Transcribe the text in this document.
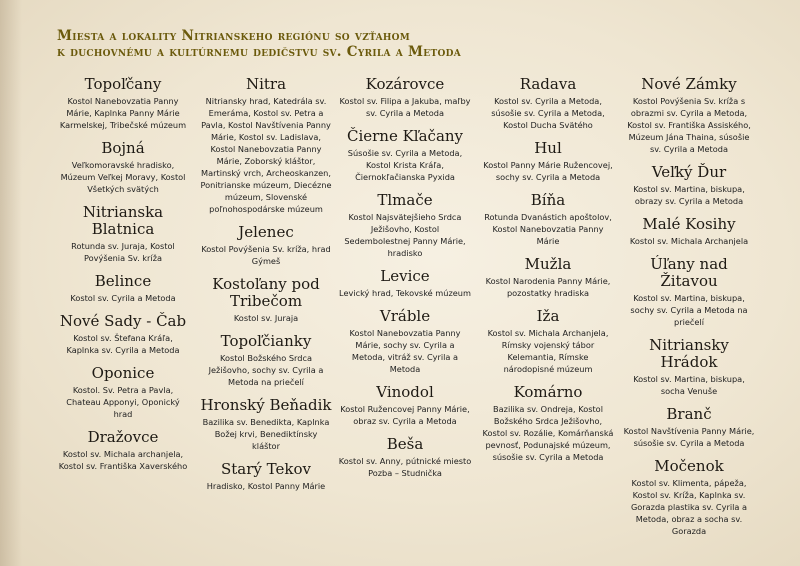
Miesta a lokality Nitrianskeho regiónu so vzťahom
k duchovnému a kultúrnemu dedičstvu sv. Cyrila a Metoda
Topoľčany
Kostol Nanebovzatia Panny Márie, Kaplnka Panny Márie Karmelskej, Tribečské múzeum
Bojná
Veľkomoravské hradisko, Múzeum Veľkej Moravy, Kostol Všetkých svätých
Nitrianska Blatnica
Rotunda sv. Juraja, Kostol Povýšenia Sv. kríža
Belince
Kostol sv. Cyrila a Metoda
Nové Sady - Čab
Kostol sv. Štefana Kráľa, Kaplnka sv. Cyrila a Metoda
Oponice
Kostol. Sv. Petra a Pavla, Chateau Apponyi, Oponický hrad
Dražovce
Kostol sv. Michala archanjela, Kostol sv. Františka Xaverského
Nitra
Nitriansky hrad, Katedrála sv. Emeráma, Kostol sv. Petra a Pavla, Kostol Navštívenia Panny Márie, Kostol sv. Ladislava, Kostol Nanebovzatia Panny Márie, Zoborský kláštor, Martinský vrch, Archeoskanzen, Ponitrianske múzeum, Diecézne múzeum, Slovenské poľnohospodárske múzeum
Jelenec
Kostol Povýšenia Sv. kríža, hrad Gýmeš
Kostoľany pod Tribečom
Kostol sv. Juraja
Topoľčianky
Kostol Božského Srdca Ježišovho, sochy sv. Cyrila a Metoda na priečelí
Hronský Beňadik
Bazilika sv. Benedikta, Kaplnka Božej krvi, Benediktínsky kláštor
Starý Tekov
Hradisko, Kostol Panny Márie
Kozárovce
Kostol sv. Filipa a Jakuba, maľby sv. Cyrila a Metoda
Čierne Kľačany
Súsošie sv. Cyrila a Metoda, Kostol Krista Kráľa, Čiernokľačianska Pyxida
Tlmače
Kostol Najsvätejšieho Srdca Ježišovho, Kostol Sedembolestnej Panny Márie, hradisko
Levice
Levický hrad, Tekovské múzeum
Vráble
Kostol Nanebovzatia Panny Márie, sochy sv. Cyrila a Metoda, vitráž sv. Cyrila a Metoda
Vinodol
Kostol Ružencovej Panny Márie, obraz sv. Cyrila a Metoda
Beša
Kostol sv. Anny, pútnické miesto Pozba – Studnička
Radava
Kostol sv. Cyrila a Metoda, súsošie sv. Cyrila a Metoda, Kostol Ducha Svätého
Hul
Kostol Panny Márie Ružencovej, sochy sv. Cyrila a Metoda
Bíňa
Rotunda Dvanástich apoštolov, Kostol Nanebovzatia Panny Márie
Mužla
Kostol Narodenia Panny Márie, pozostatky hradiska
Iža
Kostol sv. Michala Archanjela, Rímsky vojenský tábor Kelemantia, Rímske národopisné múzeum
Komárno
Bazilika sv. Ondreja, Kostol Božského Srdca Ježišovho, Kostol sv. Rozálie, Komárňanská pevnosť, Podunajské múzeum, súsošie sv. Cyrila a Metoda
Nové Zámky
Kostol Povýšenia Sv. kríža s obrazmi sv. Cyrila a Metoda, Kostol sv. Františka Assiského, Múzeum Jána Thaina, súsošie sv. Cyrila a Metoda
Veľký Ďur
Kostol sv. Martina, biskupa, obrazy sv. Cyrila a Metoda
Malé Kosihy
Kostol sv. Michala Archanjela
Úľany nad Žitavou
Kostol sv. Martina, biskupa, sochy sv. Cyrila a Metoda na priečelí
Nitriansky Hrádok
Kostol sv. Martina, biskupa, socha Venuše
Branč
Kostol Navštívenia Panny Márie, súsošie sv. Cyrila a Metoda
Močenok
Kostol sv. Klimenta, pápeža, Kostol sv. Kríža, Kaplnka sv. Gorazda plastika sv. Cyrila a Metoda, obraz a socha sv. Gorazda
